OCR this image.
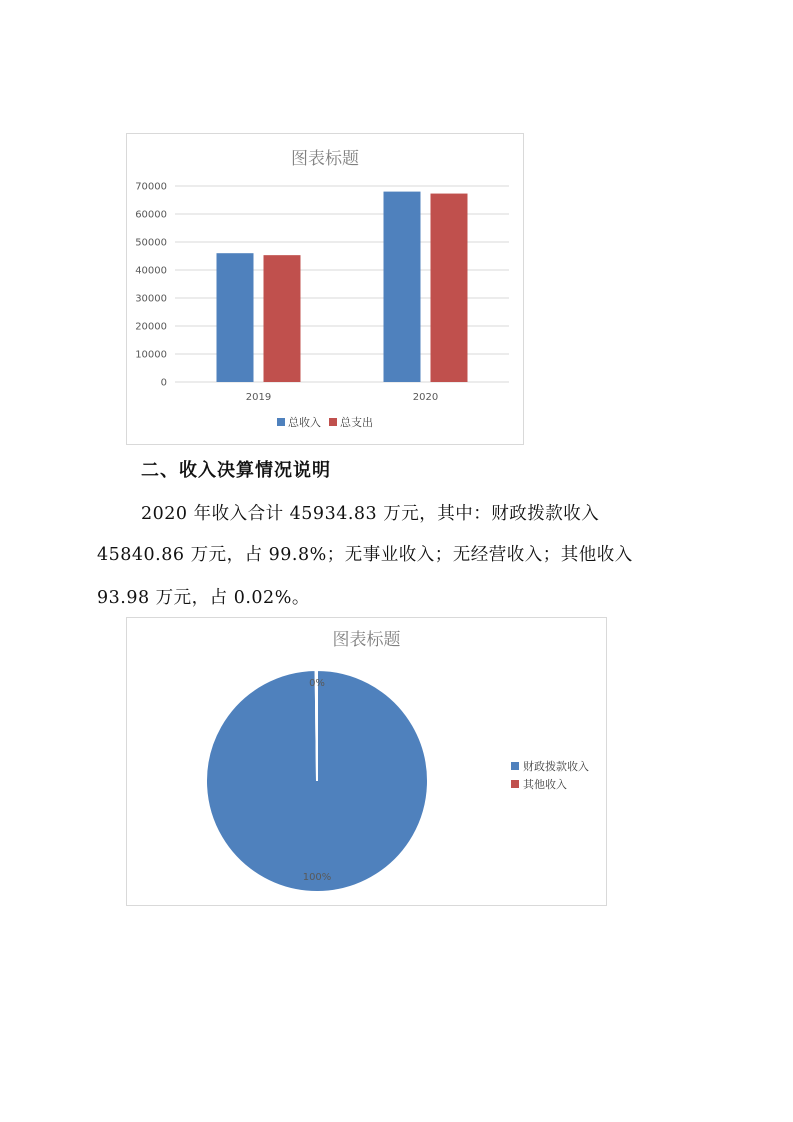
图表标题
0
10000
20000
30000
40000
50000
60000
70000
2019	2020
总收入 总支出
二、收入决算情况说明
2020 年收入合计 45934.83 万元，其中：财政拨款收入
45840.86 万元，占 99.8%；无事业收入；无经营收入；其他收入
93.98 万元，占 0.02%。
图表标题
100%
0%
财政拨款收入
其他收入
